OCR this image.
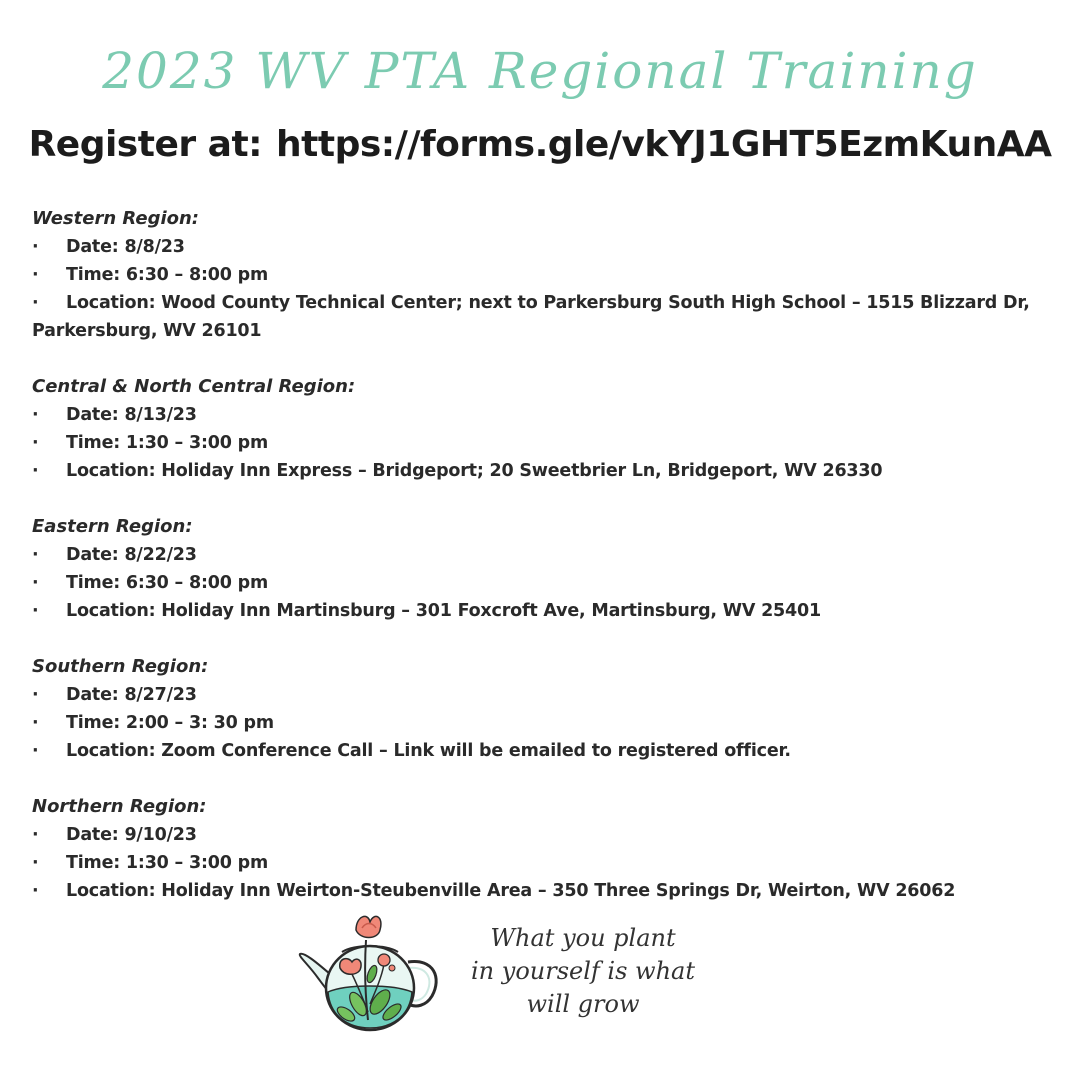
2023 WV PTA Regional Training
Register at: https://forms.gle/vkYJ1GHT5EzmKunAA
Western Region:
· Date: 8/8/23
· Time: 6:30 – 8:00 pm
· Location: Wood County Technical Center; next to Parkersburg South High School – 1515 Blizzard Dr,
Parkersburg, WV 26101
Central & North Central Region:
· Date: 8/13/23
· Time: 1:30 – 3:00 pm
· Location: Holiday Inn Express – Bridgeport; 20 Sweetbrier Ln, Bridgeport, WV 26330
Eastern Region:
· Date: 8/22/23
· Time: 6:30 – 8:00 pm
· Location: Holiday Inn Martinsburg – 301 Foxcroft Ave, Martinsburg, WV 25401
Southern Region:
· Date: 8/27/23
· Time: 2:00 – 3: 30 pm
· Location: Zoom Conference Call – Link will be emailed to registered officer.
Northern Region:
· Date: 9/10/23
· Time: 1:30 – 3:00 pm
· Location: Holiday Inn Weirton-Steubenville Area – 350 Three Springs Dr, Weirton, WV 26062
What you plant
in yourself is what
will grow
